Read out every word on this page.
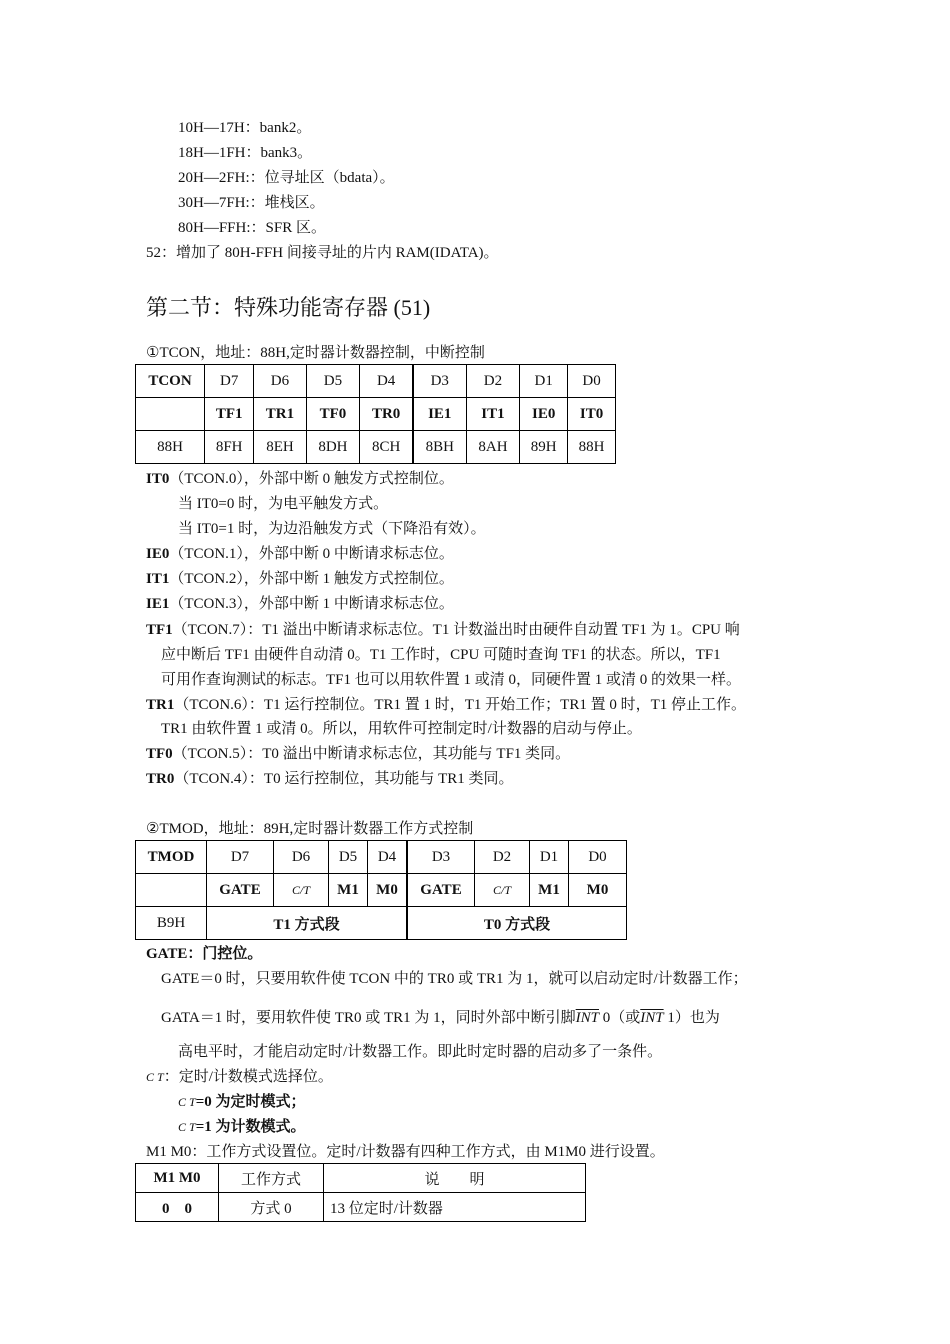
10H—17H：bank2。
18H—1FH：bank3。
20H—2FH:：位寻址区（bdata）。
30H—7FH:：堆栈区。
80H—FFH:：SFR 区。
52：增加了 80H-FFH 间接寻址的片内 RAM(IDATA)。
第二节：特殊功能寄存器 (51)
①TCON，地址：88H,定时器计数器控制，中断控制
TCON	D7	D6	D5	D4	D3	D2	D1	D0
	TF1	TR1	TF0	TR0	IE1	IT1	IE0	IT0
88H	8FH	8EH	8DH	8CH	8BH	8AH	89H	88H
IT0（TCON.0），外部中断 0 触发方式控制位。
当 IT0=0 时，为电平触发方式。
当 IT0=1 时，为边沿触发方式（下降沿有效）。
IE0（TCON.1），外部中断 0 中断请求标志位。
IT1（TCON.2），外部中断 1 触发方式控制位。
IE1（TCON.3），外部中断 1 中断请求标志位。
TF1（TCON.7）：T1 溢出中断请求标志位。T1 计数溢出时由硬件自动置 TF1 为 1。CPU 响
应中断后 TF1 由硬件自动清 0。T1 工作时，CPU 可随时查询 TF1 的状态。所以，TF1
可用作查询测试的标志。TF1 也可以用软件置 1 或清 0，同硬件置 1 或清 0 的效果一样。
TR1（TCON.6）：T1 运行控制位。TR1 置 1 时，T1 开始工作；TR1 置 0 时，T1 停止工作。
TR1 由软件置 1 或清 0。所以，用软件可控制定时/计数器的启动与停止。
TF0（TCON.5）：T0 溢出中断请求标志位，其功能与 TF1 类同。
TR0（TCON.4）：T0 运行控制位，其功能与 TR1 类同。
②TMOD，地址：89H,定时器计数器工作方式控制
TMOD	D7	D6	D5	D4	D3	D2	D1	D0
	GATE	C/T	M1	M0	GATE	C/T	M1	M0
B9H	T1 方式段				T0 方式段			
GATE：门控位。
GATE＝0 时，只要用软件使 TCON 中的 TR0 或 TR1 为 1，就可以启动定时/计数器工作；
GATA＝1 时，要用软件使 TR0 或 TR1 为 1，同时外部中断引脚$\overline{INT}$ 0（或$\overline{INT}$ 1）也为
高电平时，才能启动定时/计数器工作。即此时定时器的启动多了一条件。
C T：定时/计数模式选择位。
C T=0 为定时模式；
C T=1 为计数模式。
M1 M0：工作方式设置位。定时/计数器有四种工作方式，由 M1M0 进行设置。
M1 M0	工作方式	说　　明
0　0	方式 0	13 位定时/计数器
